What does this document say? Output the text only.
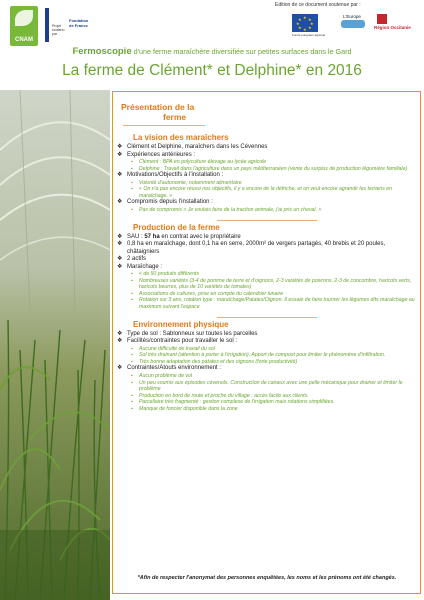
CNAM
Projet soutenu par
Fondation de France
Edition de ce document soutenue par :
★ ★
★
★
★
★
★
★
Fonds européen agricole
L'Europe
Région Occitanie
Fermoscopie d'une ferme maraîchère diversifiée sur petites surfaces dans le Gard
La ferme de Clément* et Delphine* en 2016
Présentation de la
ferme
La vision des maraîchers
❖ Clément et Delphine, maraîchers dans les Cévennes
❖ Expériences antérieures :
▪ Clément : BPA en polyculture élevage au lycée agricole
▪ Delphine : Travail dans l'agriculture dans un pays méditerranéen (vente du surplus de production légumière familiale)
❖ Motivations/Objectifs à l'installation :
▪ Volonté d'autonomie, notamment alimentaire
▪ « On n'a pas encore réussi nos objectifs, il y a encore de la défriche, et on veut encore agrandir les terrains en maraîchage. »
❖ Compromis depuis l'installation :
▪ Pas de compromis « Je voulais faire de la traction animale, j'ai pris un cheval. »
Production de la ferme
❖ SAU : 57 ha en contrat avec le propriétaire
❖ 0,8 ha en maraîchage, dont 0,1 ha en serre, 2000m² de vergers partagés, 40 brebis et 20 poules, châtaigniers
❖ 2 actifs
❖ Maraîchage :
▪ « de 50 produits différents
▪ Nombreuses variétés (3-4 de pomme de terre et d'oignons, 2-3 variétés de poivrons, 2-3 de concombre, haricots verts, haricots beurres, plus de 10 variétés de tomates)
▪ Associations de cultures, prise en compte du calendrier lunaire
▪ Rotation sur 3 ans, rotation type : maraîchage/Patates/Oignon. Il essaie de faire tourner les légumes dits maraîchage au maximum suivant l'espace
Environnement physique
❖ Type de sol : Sablonneux sur toutes les parcelles
❖ Facilités/contraintes pour travailler le sol :
▪ Aucune difficulté de travail du sol
▪ Sol très drainant (attention à porter à l'irrigation). Apport de compost pour limiter le phénomène d'infiltration.
▪ Très bonne adaptation des patates et des oignons (forte productivité)
❖ Contraintes/Atouts environnement :
▪ Aucun problème de vol
▪ Un peu soumis aux épisodes cévenols. Construction de canaux avec une pelle mécanique pour drainer et limiter le problème
▪ Production en bord de route et proche du village : accès facile aux clients.
▪ Parcellaire très fragmenté : gestion complexe de l'irrigation mais rotations simplifiées.
▪ Manque de foncier disponible dans la zone
*Afin de respecter l'anonymat des personnes enquêtées, les noms et les prénoms ont été changés.
